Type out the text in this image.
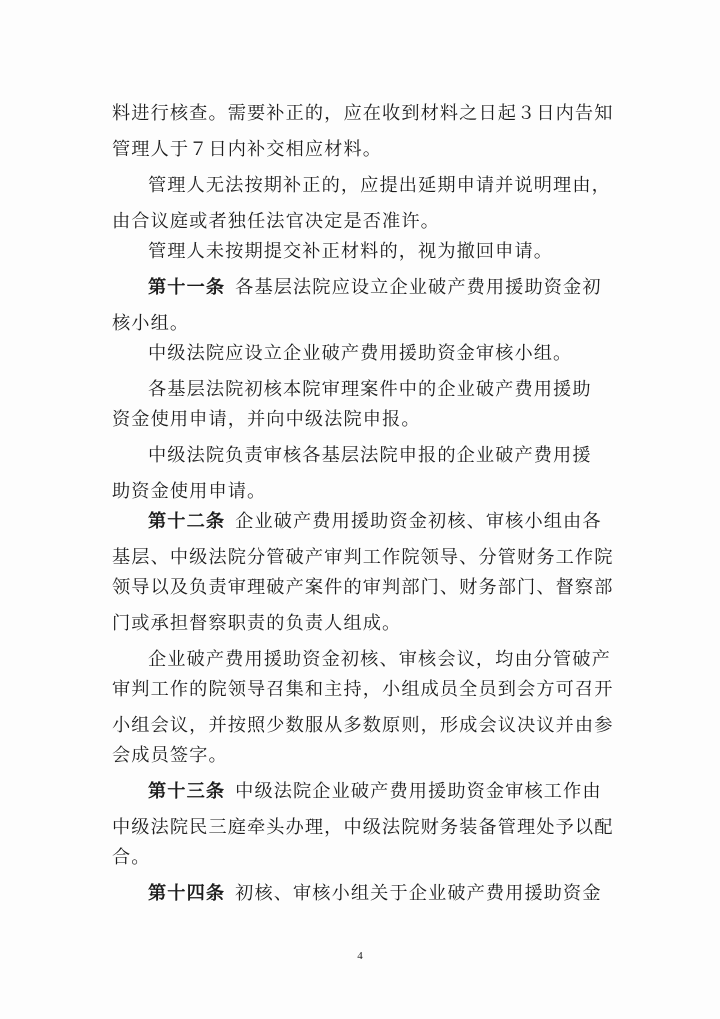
料进行核查。需要补正的，应在收到材料之日起３日内告知
管理人于７日内补交相应材料。
管理人无法按期补正的，应提出延期申请并说明理由，
由合议庭或者独任法官决定是否准许。
管理人未按期提交补正材料的，视为撤回申请。
第十一条 各基层法院应设立企业破产费用援助资金初
核小组。
中级法院应设立企业破产费用援助资金审核小组。
各基层法院初核本院审理案件中的企业破产费用援助
资金使用申请，并向中级法院申报。
中级法院负责审核各基层法院申报的企业破产费用援
助资金使用申请。
第十二条 企业破产费用援助资金初核、审核小组由各
基层、中级法院分管破产审判工作院领导、分管财务工作院
领导以及负责审理破产案件的审判部门、财务部门、督察部
门或承担督察职责的负责人组成。
企业破产费用援助资金初核、审核会议，均由分管破产
审判工作的院领导召集和主持，小组成员全员到会方可召开
小组会议，并按照少数服从多数原则，形成会议决议并由参
会成员签字。
第十三条 中级法院企业破产费用援助资金审核工作由
中级法院民三庭牵头办理，中级法院财务装备管理处予以配
合。
第十四条 初核、审核小组关于企业破产费用援助资金
4
